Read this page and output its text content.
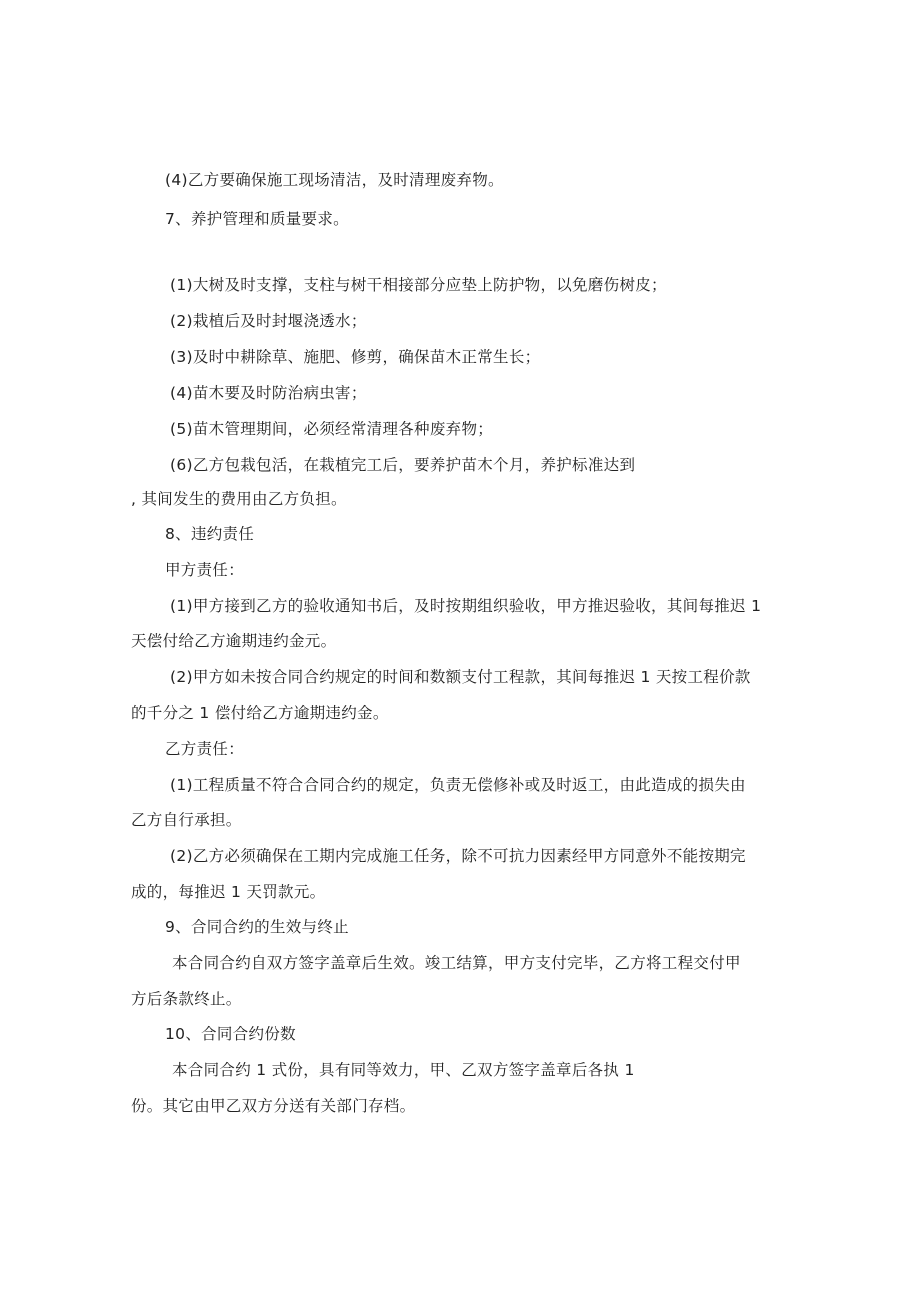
(4)乙方要确保施工现场清洁，及时清理废弃物。
7、养护管理和质量要求。
(1)大树及时支撑，支柱与树干相接部分应垫上防护物，以免磨伤树皮；
(2)栽植后及时封堰浇透水；
(3)及时中耕除草、施肥、修剪，确保苗木正常生长；
(4)苗木要及时防治病虫害；
(5)苗木管理期间，必须经常清理各种废弃物；
(6)乙方包栽包活，在栽植完工后，要养护苗木个月，养护标准达到
, 其间发生的费用由乙方负担。
8、违约责任
甲方责任：
(1)甲方接到乙方的验收通知书后，及时按期组织验收，甲方推迟验收，其间每推迟 1
天偿付给乙方逾期违约金元。
(2)甲方如未按合同合约规定的时间和数额支付工程款，其间每推迟 1 天按工程价款
的千分之 1 偿付给乙方逾期违约金。
乙方责任：
(1)工程质量不符合合同合约的规定，负责无偿修补或及时返工，由此造成的损失由
乙方自行承担。
(2)乙方必须确保在工期内完成施工任务，除不可抗力因素经甲方同意外不能按期完
成的，每推迟 1 天罚款元。
9、合同合约的生效与终止
本合同合约自双方签字盖章后生效。竣工结算，甲方支付完毕，乙方将工程交付甲
方后条款终止。
10、合同合约份数
本合同合约 1 式份，具有同等效力，甲、乙双方签字盖章后各执 1
份。其它由甲乙双方分送有关部门存档。
